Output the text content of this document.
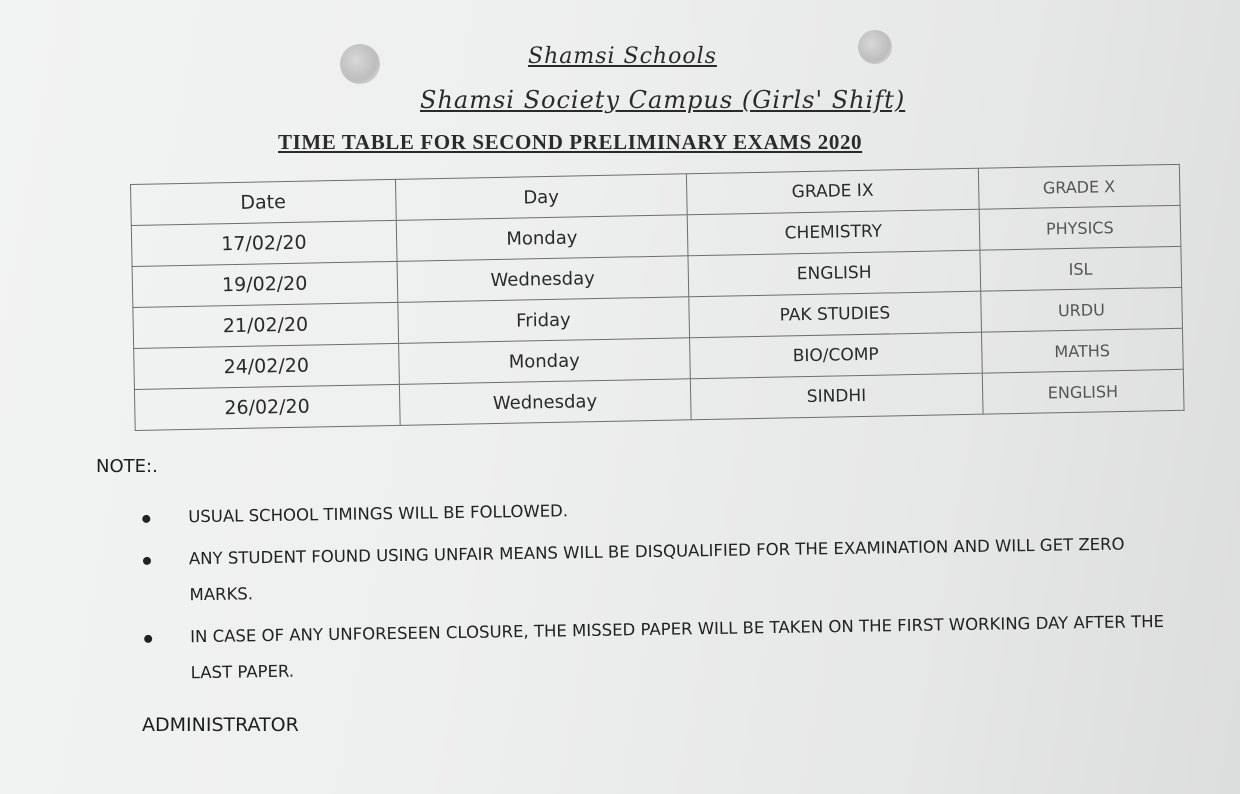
Shamsi Schools
Shamsi Society Campus (Girls' Shift)
TIME TABLE FOR SECOND PRELIMINARY EXAMS 2020
Date	Day	GRADE IX	GRADE X
17/02/20	Monday	CHEMISTRY	PHYSICS
19/02/20	Wednesday	ENGLISH	ISL
21/02/20	Friday	PAK STUDIES	URDU
24/02/20	Monday	BIO/COMP	MATHS
26/02/20	Wednesday	SINDHI	ENGLISH
NOTE:.
USUAL SCHOOL TIMINGS WILL BE FOLLOWED.
ANY STUDENT FOUND USING UNFAIR MEANS WILL BE DISQUALIFIED FOR THE EXAMINATION AND WILL GET ZERO MARKS.
IN CASE OF ANY UNFORESEEN CLOSURE, THE MISSED PAPER WILL BE TAKEN ON THE FIRST WORKING DAY AFTER THE LAST PAPER.
ADMINISTRATOR
